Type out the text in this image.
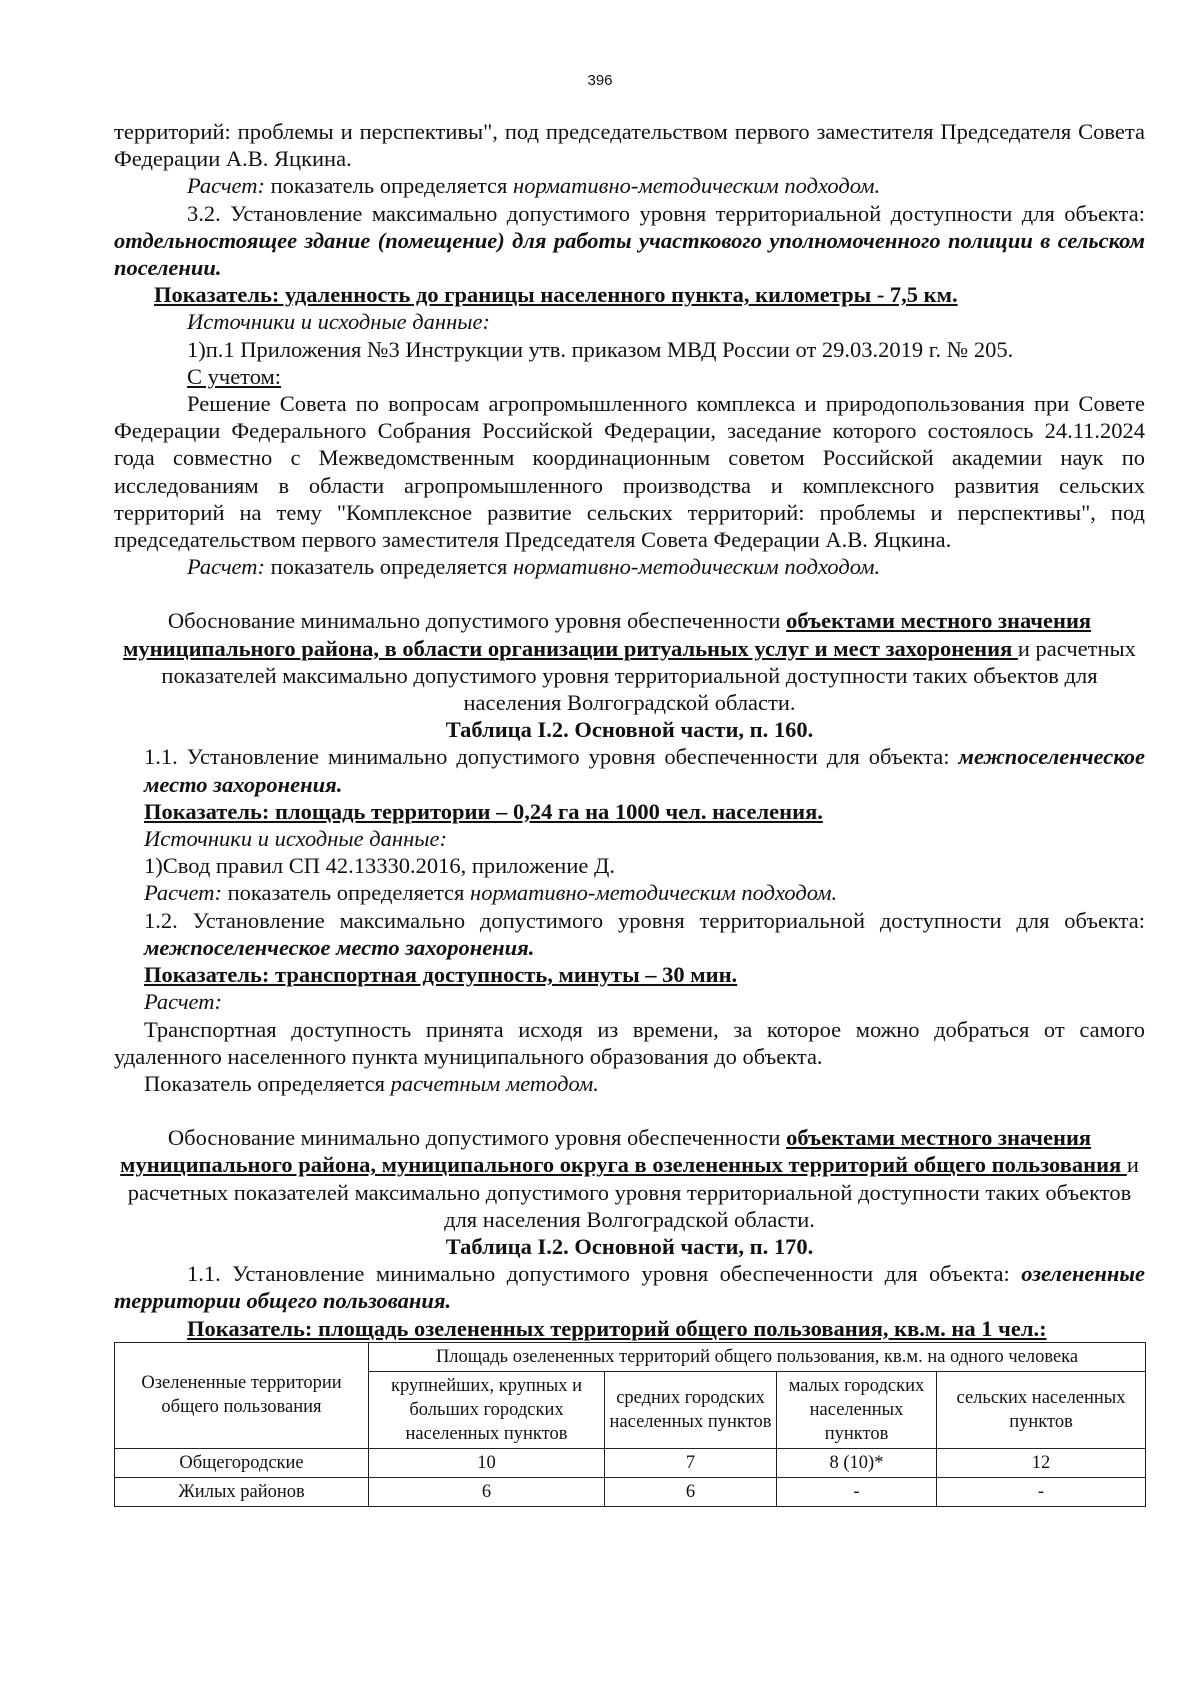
396

территорий: проблемы и перспективы", под председательством первого заместителя Председателя Совета Федерации А.В. Яцкина.

Расчет: показатель определяется нормативно-методическим подходом.

3.2. Установление максимально допустимого уровня территориальной доступности для объекта: отдельностоящее здание (помещение) для работы участкового уполномоченного полиции в сельском поселении.

Показатель: удаленность до границы населенного пункта, километры - 7,5 км.

Источники и исходные данные:

1)п.1 Приложения №3 Инструкции утв. приказом МВД России от 29.03.2019 г. № 205.

С учетом:

Решение Совета по вопросам агропромышленного комплекса и природопользования при Совете Федерации Федерального Собрания Российской Федерации, заседание которого состоялось 24.11.2024 года совместно с Межведомственным координационным советом Российской академии наук по исследованиям в области агропромышленного производства и комплексного развития сельских территорий на тему "Комплексное развитие сельских территорий: проблемы и перспективы", под председательством первого заместителя Председателя Совета Федерации А.В. Яцкина.

Расчет: показатель определяется нормативно-методическим подходом.

Обоснование минимально допустимого уровня обеспеченности объектами местного значения муниципального района, в области организации ритуальных услуг и мест захоронения и расчетных показателей максимально допустимого уровня территориальной доступности таких объектов для населения Волгоградской области.

Таблица I.2. Основной части, п. 160.

1.1. Установление минимально допустимого уровня обеспеченности для объекта: межпоселенческое место захоронения.

Показатель: площадь территории – 0,24 га на 1000 чел. населения.

Источники и исходные данные:

1)Свод правил СП 42.13330.2016, приложение Д.

Расчет: показатель определяется нормативно-методическим подходом.

1.2. Установление максимально допустимого уровня территориальной доступности для объекта: межпоселенческое место захоронения.

Показатель: транспортная доступность, минуты – 30 мин.

Расчет:

Транспортная доступность принята исходя из времени, за которое можно добраться от самого удаленного населенного пункта муниципального образования до объекта.

Показатель определяется расчетным методом.

Обоснование минимально допустимого уровня обеспеченности объектами местного значения муниципального района, муниципального округа в озелененных территорий общего пользования и расчетных показателей максимально допустимого уровня территориальной доступности таких объектов для населения Волгоградской области.

Таблица I.2. Основной части, п. 170.

1.1. Установление минимально допустимого уровня обеспеченности для объекта: озелененные территории общего пользования.

Показатель: площадь озелененных территорий общего пользования, кв.м. на 1 чел.:

Озелененные территории общего пользования	Площадь озелененных территорий общего пользования, кв.м. на одного человека			
	крупнейших, крупных и больших городских населенных пунктов	средних городских населенных пунктов	малых городских населенных пунктов	сельских населенных пунктов
Общегородские	10	7	8 (10)*	12
Жилых районов	6	6	-	-
